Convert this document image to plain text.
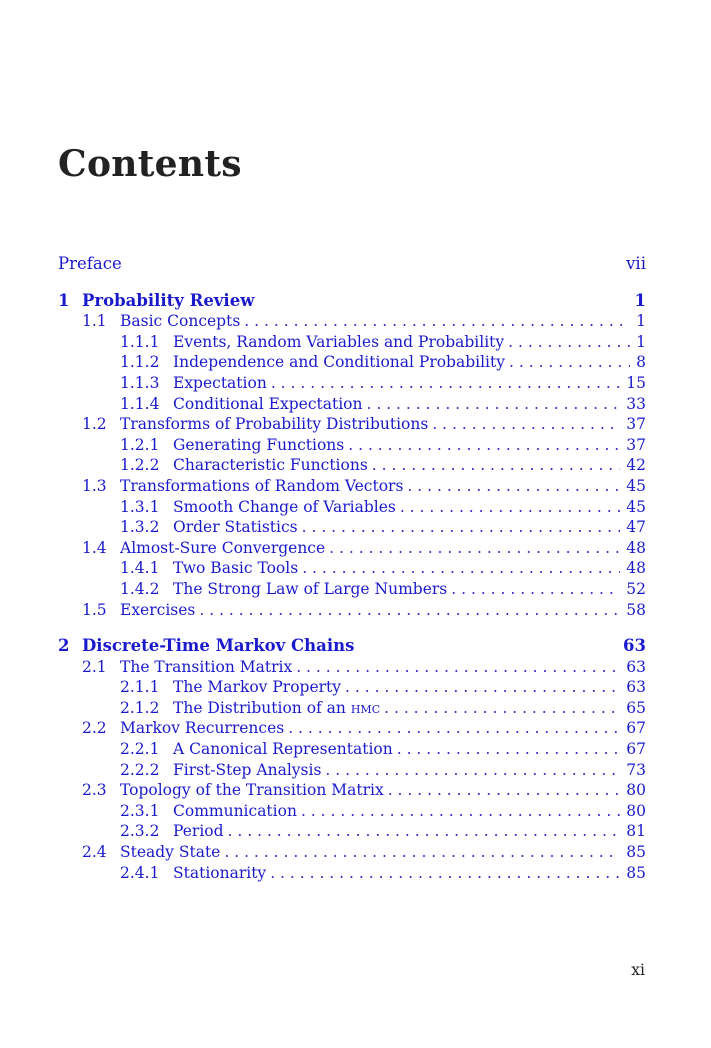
Contents
Preface	vii
1 Probability Review	1
1.1 Basic Concepts . . .	1
1.1.1 Events, Random Variables and Probability . . .	1
1.1.2 Independence and Conditional Probability . . .	8
1.1.3 Expectation . . .	15
1.1.4 Conditional Expectation . . .	33
1.2 Transforms of Probability Distributions . . .	37
1.2.1 Generating Functions . . .	37
1.2.2 Characteristic Functions . . .	42
1.3 Transformations of Random Vectors . . .	45
1.3.1 Smooth Change of Variables . . .	45
1.3.2 Order Statistics . . .	47
1.4 Almost-Sure Convergence . . .	48
1.4.1 Two Basic Tools . . .	48
1.4.2 The Strong Law of Large Numbers . . .	52
1.5 Exercises . . .	58
2 Discrete-Time Markov Chains	63
2.1 The Transition Matrix . . .	63
2.1.1 The Markov Property . . .	63
2.1.2 The Distribution of an hmc . . .	65
2.2 Markov Recurrences . . .	67
2.2.1 A Canonical Representation . . .	67
2.2.2 First-Step Analysis . . .	73
2.3 Topology of the Transition Matrix . . .	80
2.3.1 Communication . . .	80
2.3.2 Period . . .	81
2.4 Steady State . . .	85
2.4.1 Stationarity . . .	85
xi
